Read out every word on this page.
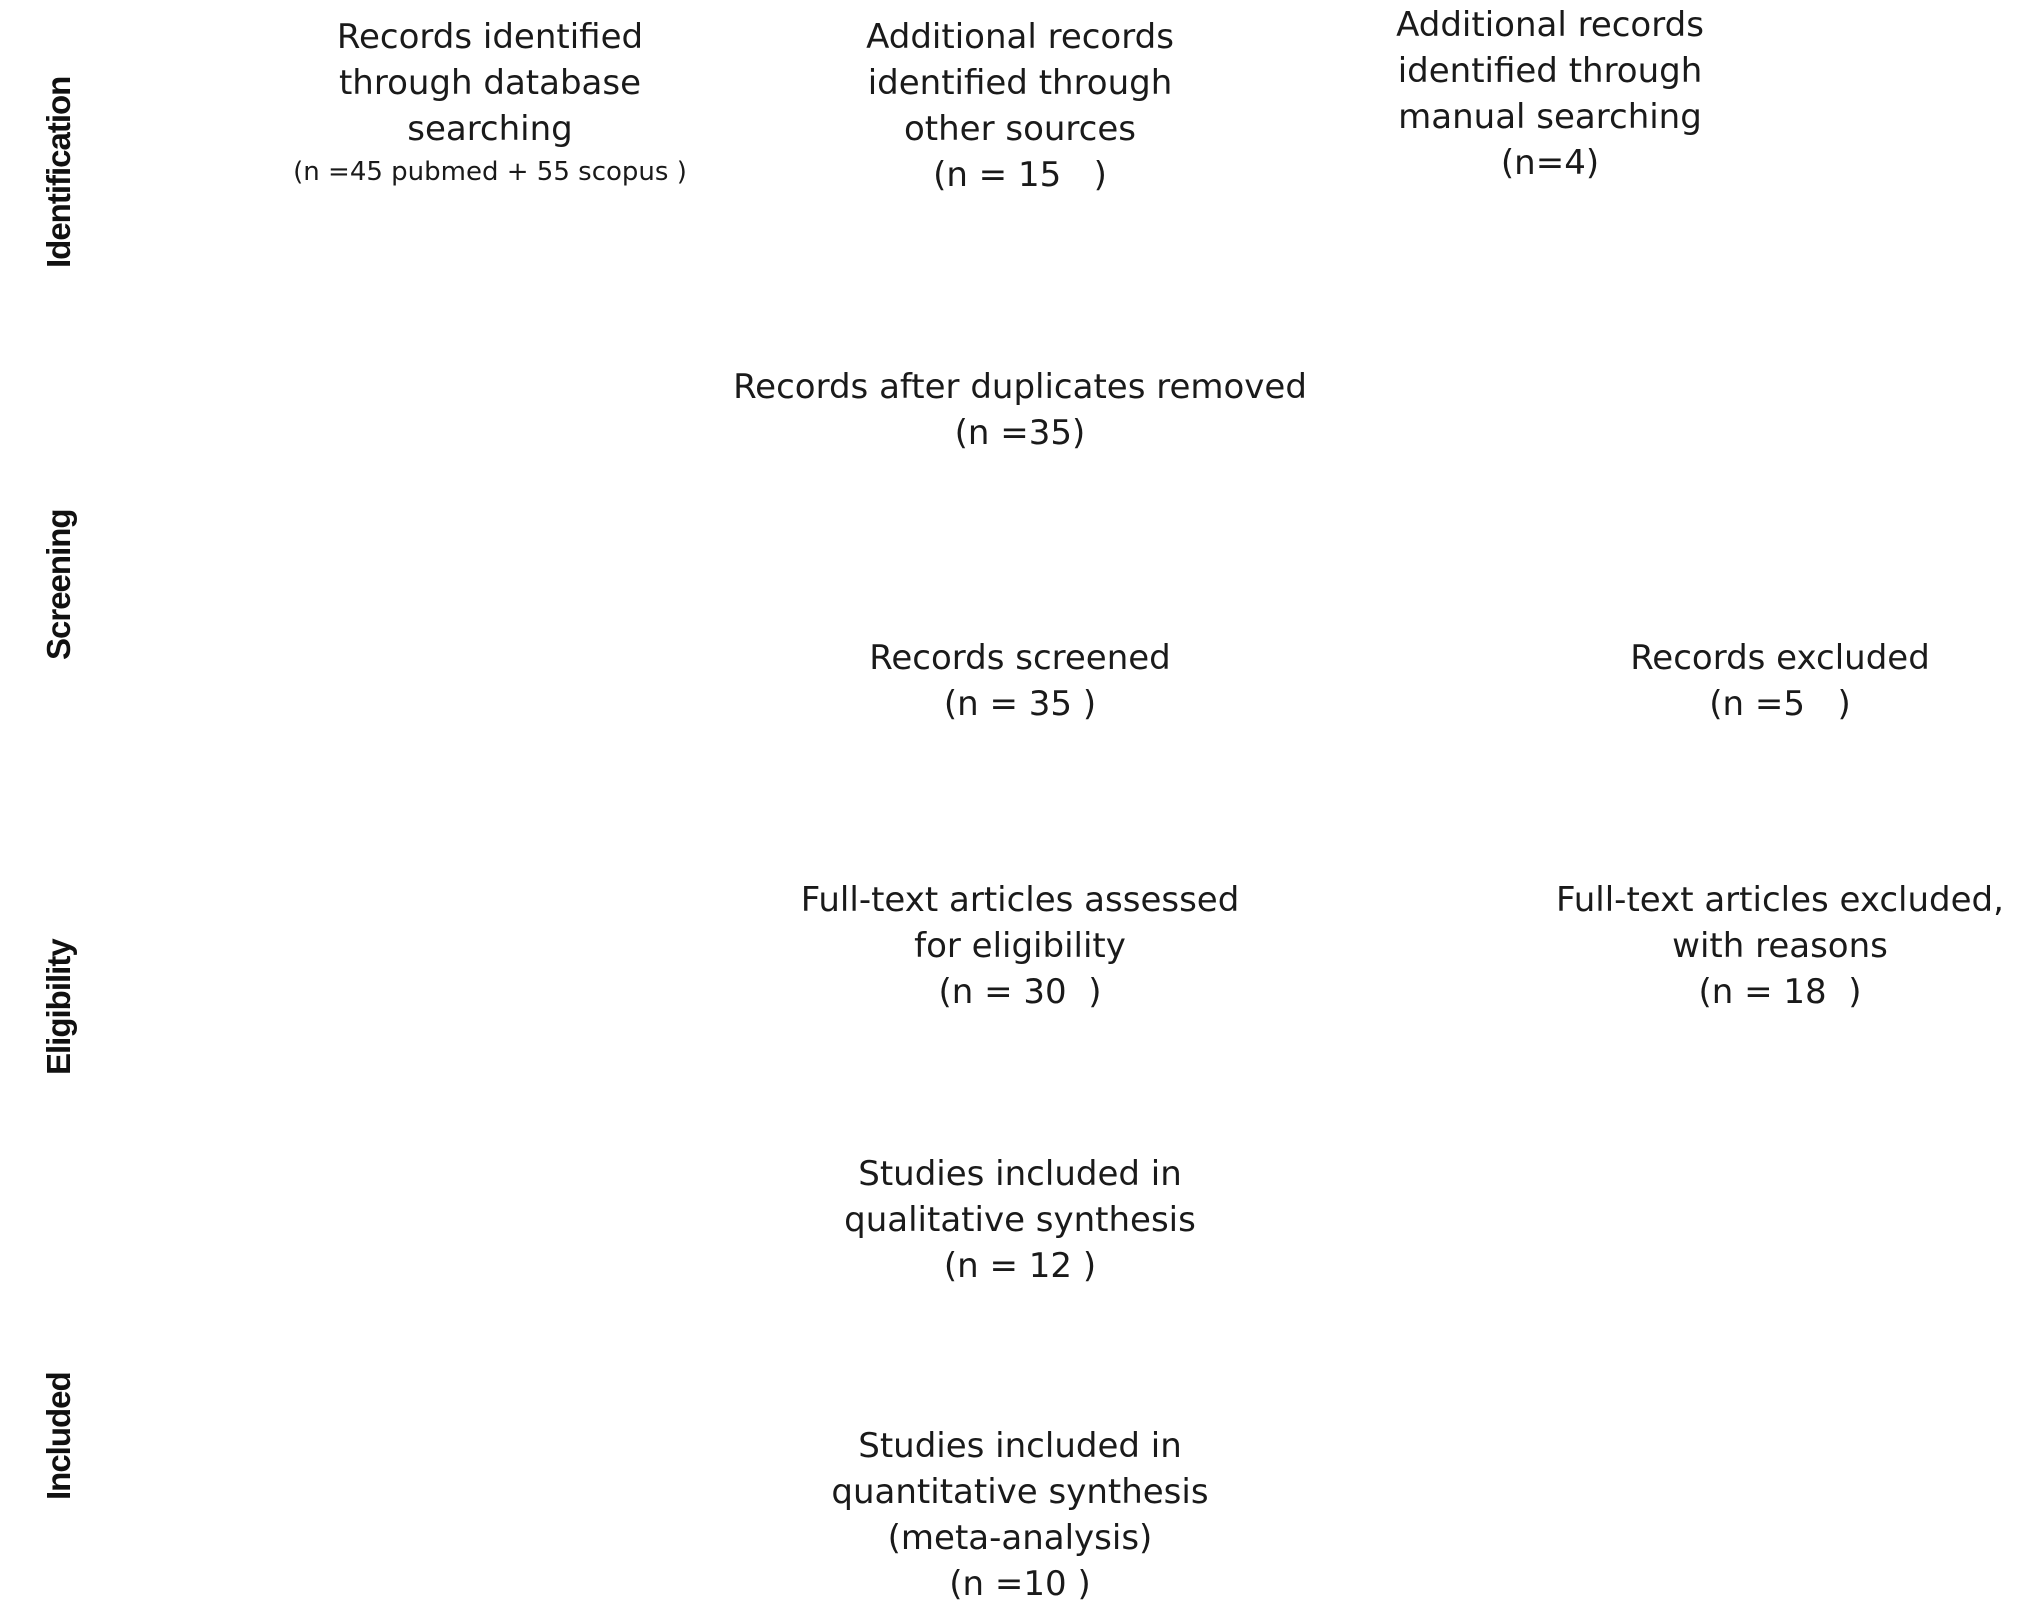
Identification
Screening
Eligibility
Included
Records identified
through database
searching
(n =45 pubmed + 55 scopus )
Additional records
identified through
other sources
(n = 15   )
Additional records
identified through
manual searching
(n=4)
Records after duplicates removed
(n =35)
Records screened
(n = 35 )
Records excluded
(n =5   )
Full-text articles assessed
for eligibility
(n = 30  )
Full-text articles excluded,
with reasons
(n = 18  )
Studies included in
qualitative synthesis
(n = 12 )
Studies included in
quantitative synthesis
(meta-analysis)
(n =10 )
